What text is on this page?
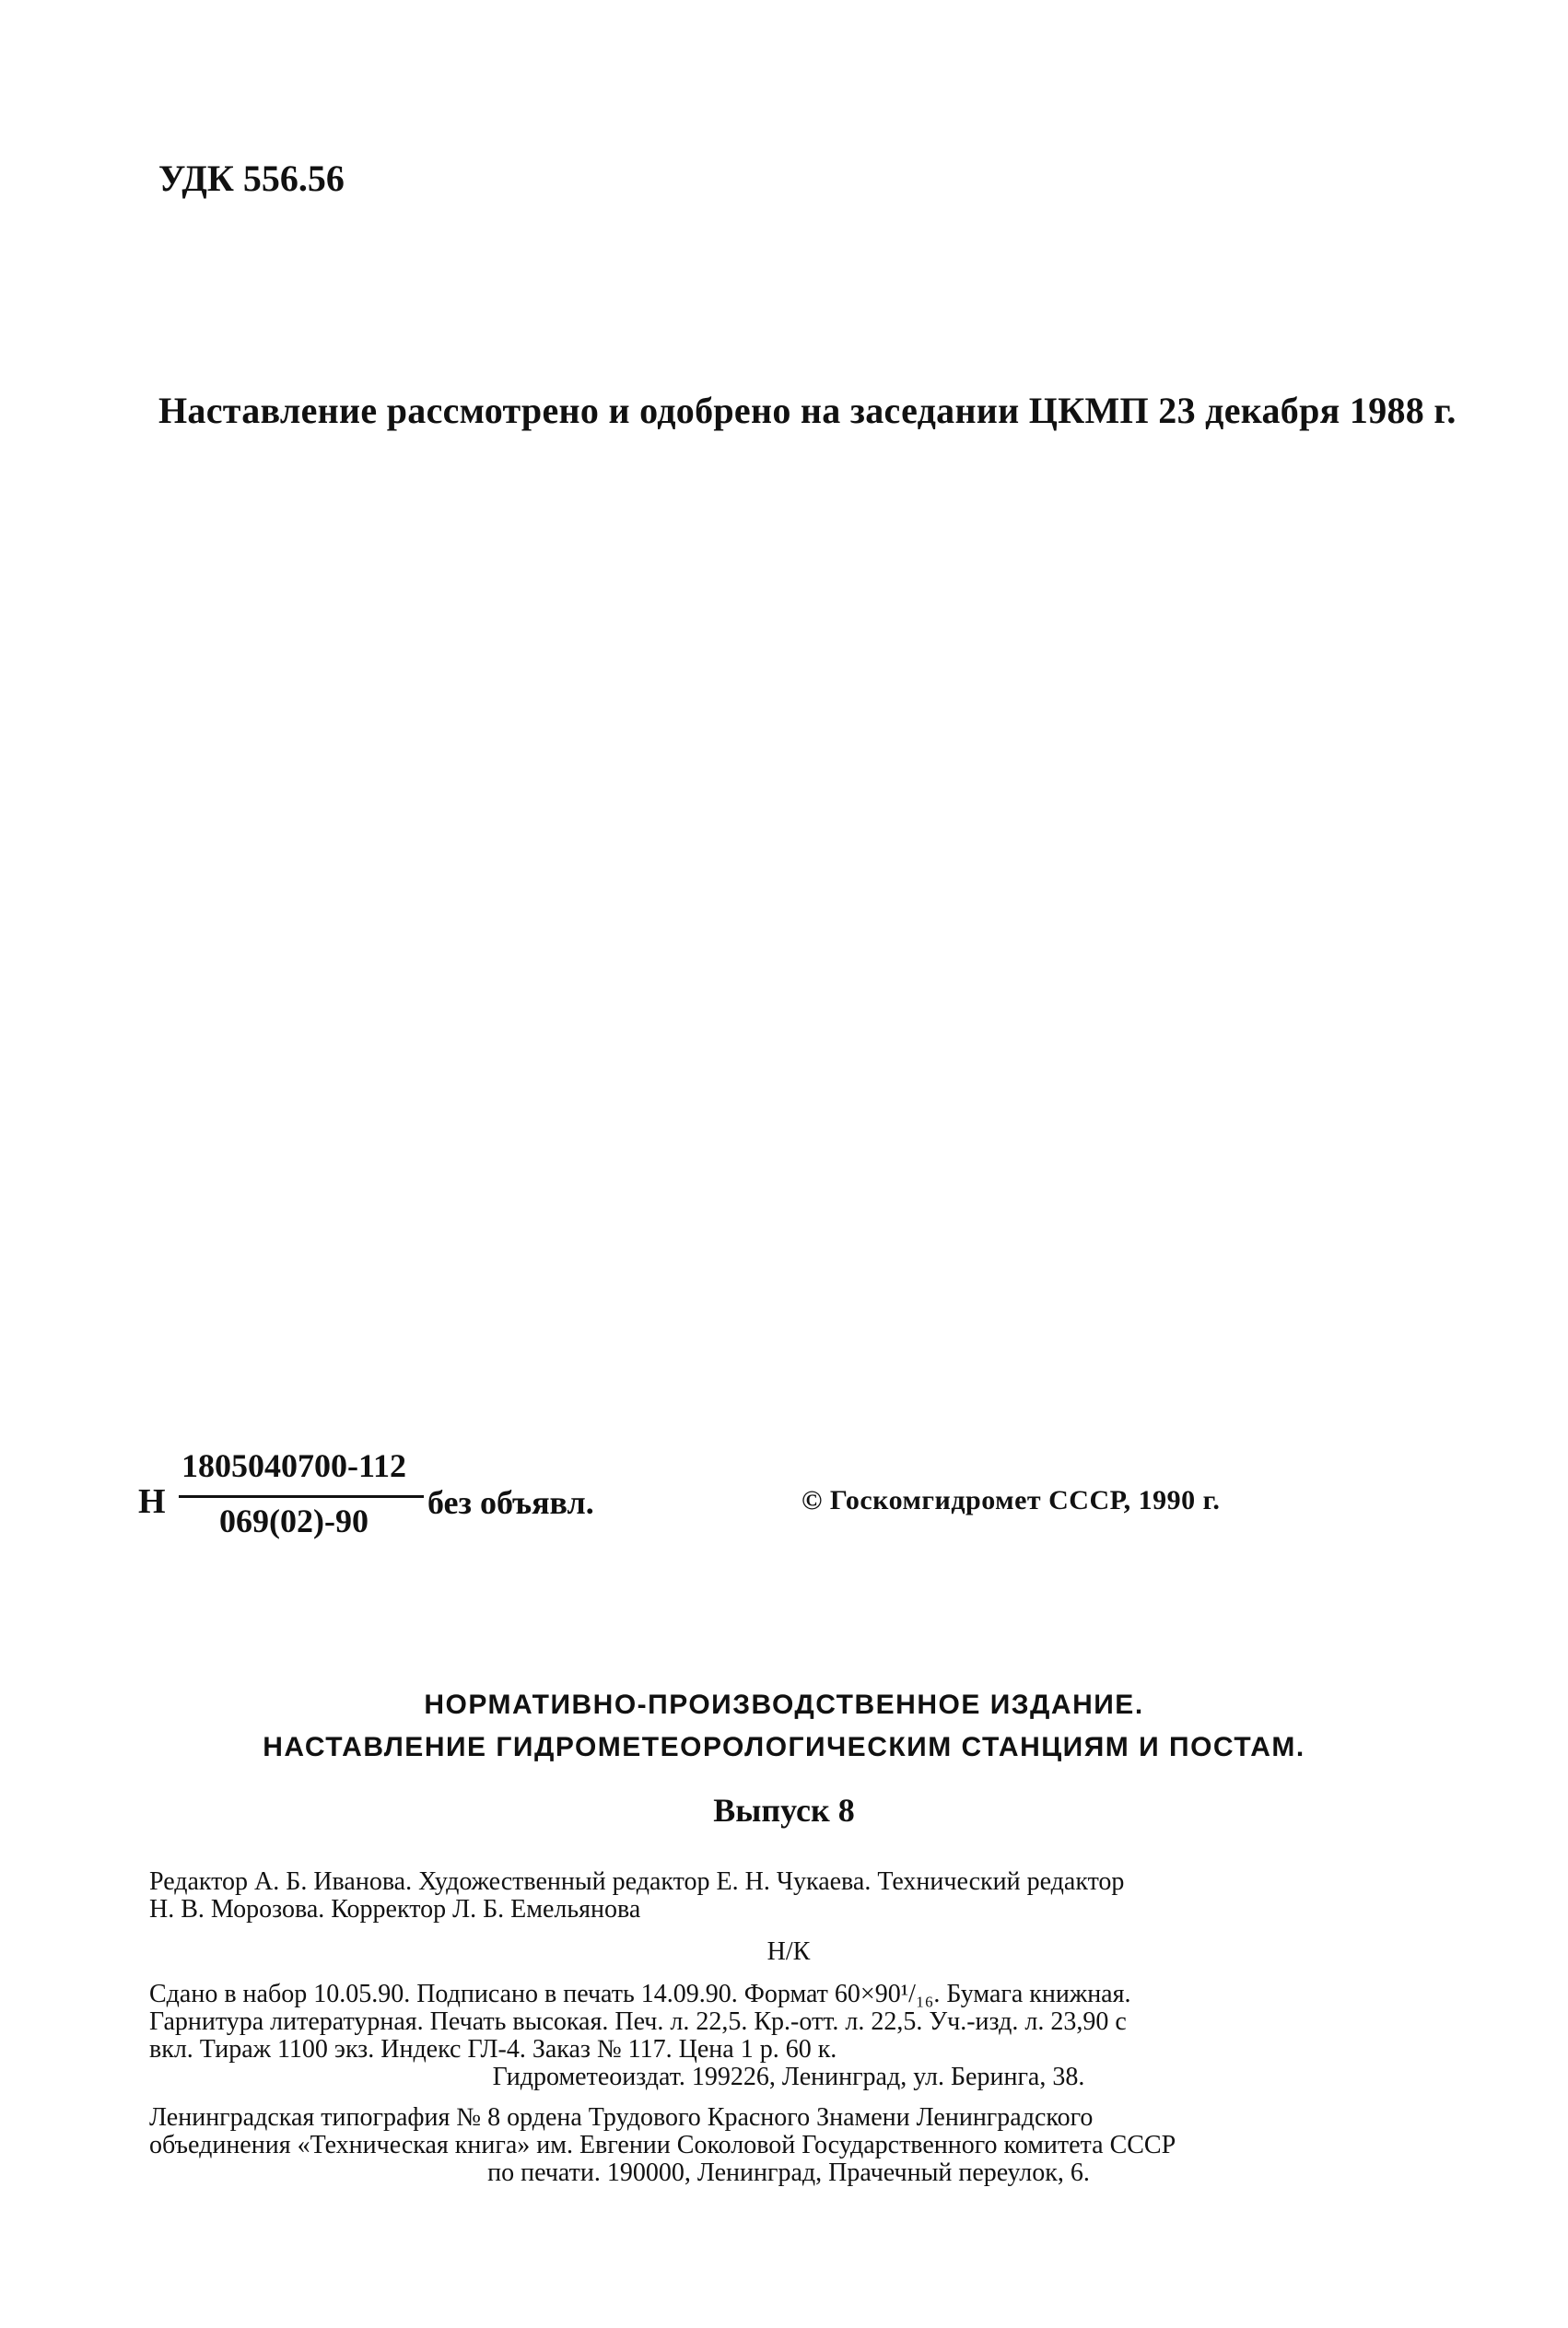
УДК 556.56
Наставление рассмотрено и одобрено на заседании ЦКМП 23 декабря 1988 г.
Н
1805040700-112
069(02)-90	без объявл.	© Госкомгидромет СССР, 1990 г.
НОРМАТИВНО-ПРОИЗВОДСТВЕННОЕ ИЗДАНИЕ.
НАСТАВЛЕНИЕ ГИДРОМЕТЕОРОЛОГИЧЕСКИМ СТАНЦИЯМ И ПОСТАМ.
Выпуск 8

Редактор А. Б. Иванова. Художественный редактор Е. Н. Чукаева. Технический редактор

Н. В. Морозова. Корректор Л. Б. Емельянова

Н/К

Сдано в набор 10.05.90. Подписано в печать 14.09.90. Формат 60×90¹/₁₆. Бумага книжная.

Гарнитура литературная. Печать высокая. Печ. л. 22,5. Кр.-отт. л. 22,5. Уч.-изд. л. 23,90 с

вкл. Тираж 1100 экз. Индекс ГЛ-4. Заказ № 117. Цена 1 р. 60 к.

Гидрометеоиздат. 199226, Ленинград, ул. Беринга, 38.

Ленинградская типография № 8 ордена Трудового Красного Знамени Ленинградского

объединения «Техническая книга» им. Евгении Соколовой Государственного комитета СССР

по печати. 190000, Ленинград, Прачечный переулок, 6.
